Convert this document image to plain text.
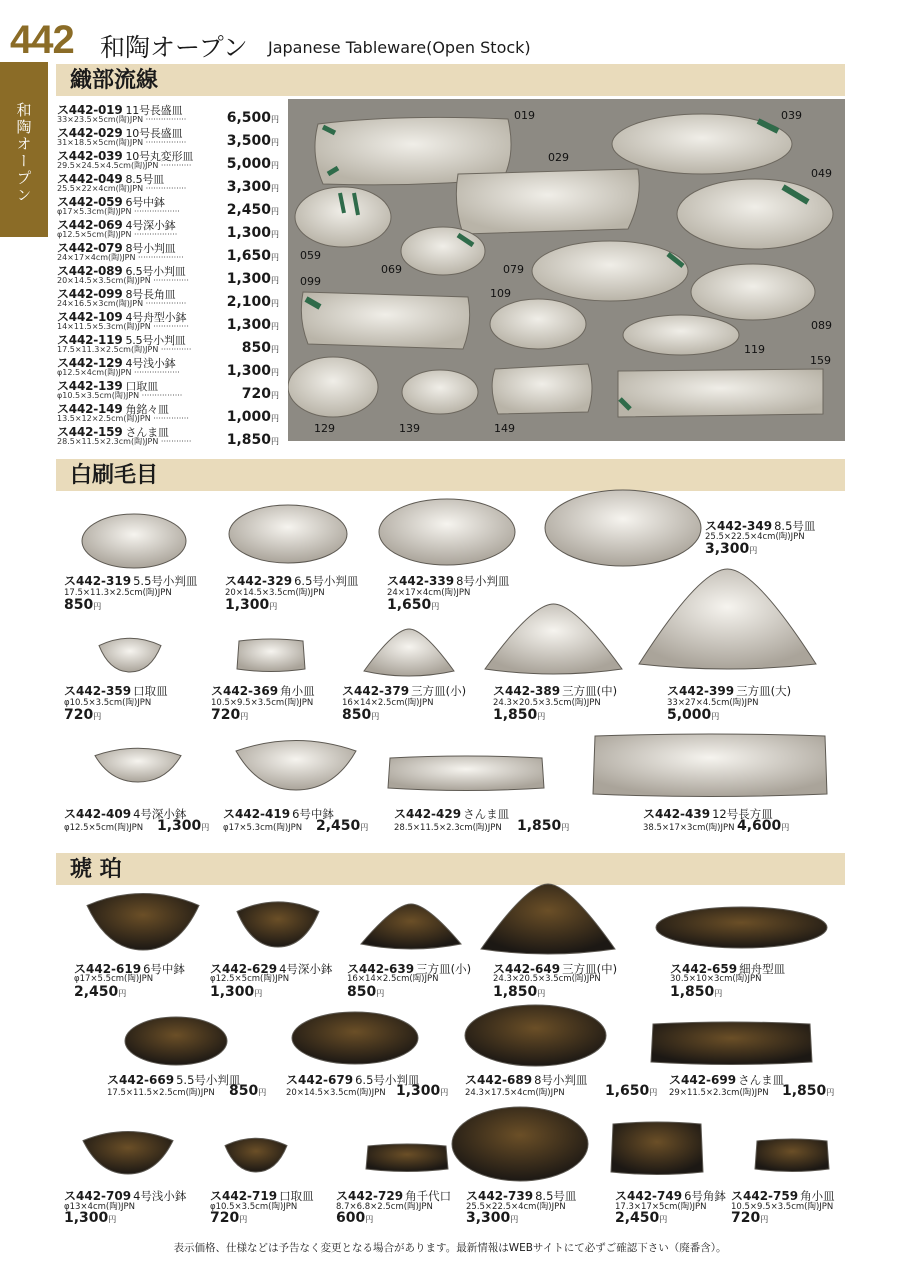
442 和陶オープン Japanese Tableware(Open Stock)
和陶オープン
織部流線
ス442-019 11号長盛皿
33×23.5×5cm(陶)JPN ················	6,500円
ス442-029 10号長盛皿
31×18.5×5cm(陶)JPN ················	3,500円
ス442-039 10号丸変形皿
29.5×24.5×4.5cm(陶)JPN ············	5,000円
ス442-049 8.5号皿
25.5×22×4cm(陶)JPN ················	3,300円
ス442-059 6号中鉢
φ17×5.3cm(陶)JPN ··················	2,450円
ス442-069 4号深小鉢
φ12.5×5cm(陶)JPN ·················	1,300円
ス442-079 8号小判皿
24×17×4cm(陶)JPN ··················	1,650円
ス442-089 6.5号小判皿
20×14.5×3.5cm(陶)JPN ··············	1,300円
ス442-099 8号長角皿
24×16.5×3cm(陶)JPN ················	2,100円
ス442-109 4号舟型小鉢
14×11.5×5.3cm(陶)JPN ··············	1,300円
ス442-119 5.5号小判皿
17.5×11.3×2.5cm(陶)JPN ············	850円
ス442-129 4号浅小鉢
φ12.5×4cm(陶)JPN ··················	1,300円
ス442-139 口取皿
φ10.5×3.5cm(陶)JPN ················	720円
ス442-149 角銘々皿
13.5×12×2.5cm(陶)JPN ··············	1,000円
ス442-159 さんま皿
28.5×11.5×2.3cm(陶)JPN ············	1,850円
019	039
029
049
059
069	079
099
109
089
119
159
129	139	149
白刷毛目
ス442-319 5.5号小判皿
17.5×11.3×2.5cm(陶)JPN
850円
ス442-329 6.5号小判皿
20×14.5×3.5cm(陶)JPN
1,300円
ス442-339 8号小判皿
24×17×4cm(陶)JPN
1,650円
ス442-349 8.5号皿
25.5×22.5×4cm(陶)JPN
3,300円
ス442-359 口取皿
φ10.5×3.5cm(陶)JPN
720円
ス442-369 角小皿
10.5×9.5×3.5cm(陶)JPN
720円
ス442-379 三方皿(小)
16×14×2.5cm(陶)JPN
850円
ス442-389 三方皿(中)
24.3×20.5×3.5cm(陶)JPN
1,850円
ス442-399 三方皿(大)
33×27×4.5cm(陶)JPN
5,000円
ス442-409 4号深小鉢
φ12.5×5cm(陶)JPN 1,300円
ス442-419 6号中鉢
φ17×5.3cm(陶)JPN 2,450円
ス442-429 さんま皿
28.5×11.5×2.3cm(陶)JPN 1,850円
ス442-439 12号長方皿
38.5×17×3cm(陶)JPN 4,600円
琥 珀
ス442-619 6号中鉢
φ17×5.5cm(陶)JPN
2,450円
ス442-629 4号深小鉢
φ12.5×5cm(陶)JPN
1,300円
ス442-639 三方皿(小)
16×14×2.5cm(陶)JPN
850円
ス442-649 三方皿(中)
24.3×20.5×3.5cm(陶)JPN
1,850円
ス442-659 細舟型皿
30.5×10×3cm(陶)JPN
1,850円
ス442-669 5.5号小判皿
17.5×11.5×2.5cm(陶)JPN 850円
ス442-679 6.5号小判皿
20×14.5×3.5cm(陶)JPN 1,300円
ス442-689 8号小判皿
24.3×17.5×4cm(陶)JPN	1,650円
ス442-699 さんま皿
29×11.5×2.3cm(陶)JPN 1,850円
ス442-709 4号浅小鉢
φ13×4cm(陶)JPN
1,300円
ス442-719 口取皿
φ10.5×3.5cm(陶)JPN
720円
ス442-729 角千代口
8.7×6.8×2.5cm(陶)JPN
600円
ス442-739 8.5号皿
25.5×22.5×4cm(陶)JPN
3,300円
ス442-749 6号角鉢
17.3×17×5cm(陶)JPN
2,450円
ス442-759 角小皿
10.5×9.5×3.5cm(陶)JPN
720円
表示価格、仕様などは予告なく変更となる場合があります。最新情報はWEBサイトにて必ずご確認下さい（廃番含）。
